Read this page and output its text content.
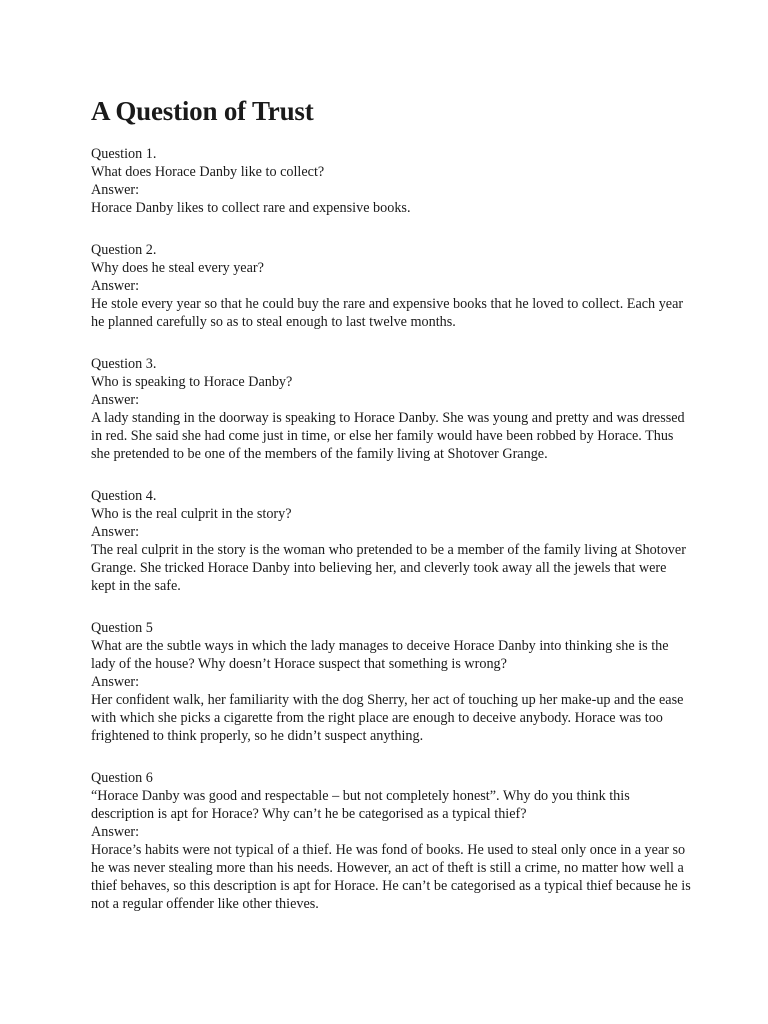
A Question of Trust
Question 1.
What does Horace Danby like to collect?
Answer:
Horace Danby likes to collect rare and expensive books.
Question 2.
Why does he steal every year?
Answer:
He stole every year so that he could buy the rare and expensive books that he loved to collect. Each year he planned carefully so as to steal enough to last twelve months.
Question 3.
Who is speaking to Horace Danby?
Answer:
A lady standing in the doorway is speaking to Horace Danby. She was young and pretty and was dressed in red. She said she had come just in time, or else her family would have been robbed by Horace. Thus she pretended to be one of the members of the family living at Shotover Grange.
Question 4.
Who is the real culprit in the story?
Answer:
The real culprit in the story is the woman who pretended to be a member of the family living at Shotover Grange. She tricked Horace Danby into believing her, and cleverly took away all the jewels that were kept in the safe.
Question 5
What are the subtle ways in which the lady manages to deceive Horace Danby into thinking she is the lady of the house? Why doesn’t Horace suspect that something is wrong?
Answer:
Her confident walk, her familiarity with the dog Sherry, her act of touching up her make-up and the ease with which she picks a cigarette from the right place are enough to deceive anybody. Horace was too frightened to think properly, so he didn’t suspect anything.
Question 6
“Horace Danby was good and respectable – but not completely honest”. Why do you think this description is apt for Horace? Why can’t he be categorised as a typical thief?
Answer:
Horace’s habits were not typical of a thief. He was fond of books. He used to steal only once in a year so he was never stealing more than his needs. However, an act of theft is still a crime, no matter how well a thief behaves, so this description is apt for Horace. He can’t be categorised as a typical thief because he is not a regular offender like other thieves.
